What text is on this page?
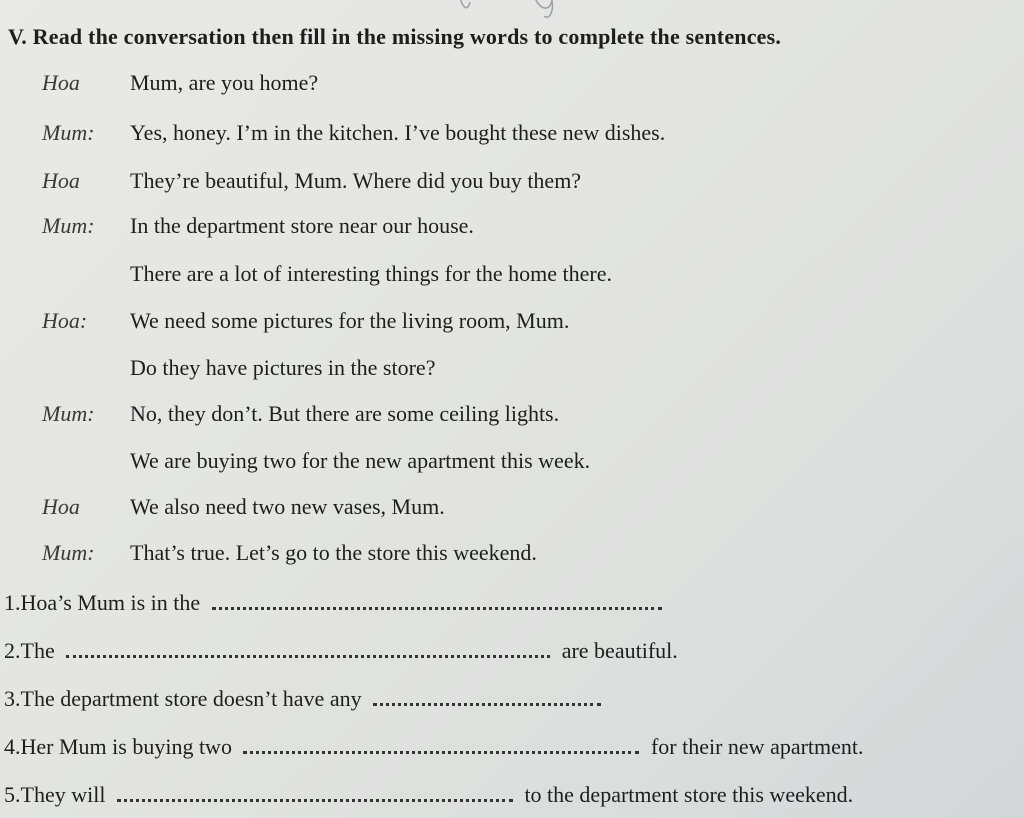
V. Read the conversation then fill in the missing words to complete the sentences.
Hoa Mum, are you home?
Mum: Yes, honey. I’m in the kitchen. I’ve bought these new dishes.
Hoa They’re beautiful, Mum. Where did you buy them?
Mum: In the department store near our house.
There are a lot of interesting things for the home there.
Hoa: We need some pictures for the living room, Mum.
Do they have pictures in the store?
Mum: No, they don’t. But there are some ceiling lights.
We are buying two for the new apartment this week.
Hoa We also need two new vases, Mum.
Mum: That’s true. Let’s go to the store this weekend.
1.Hoa’s Mum is in the
2.The	are beautiful.
3.The department store doesn’t have any
4.Her Mum is buying two	for their new apartment.
5.They will	to the department store this weekend.
